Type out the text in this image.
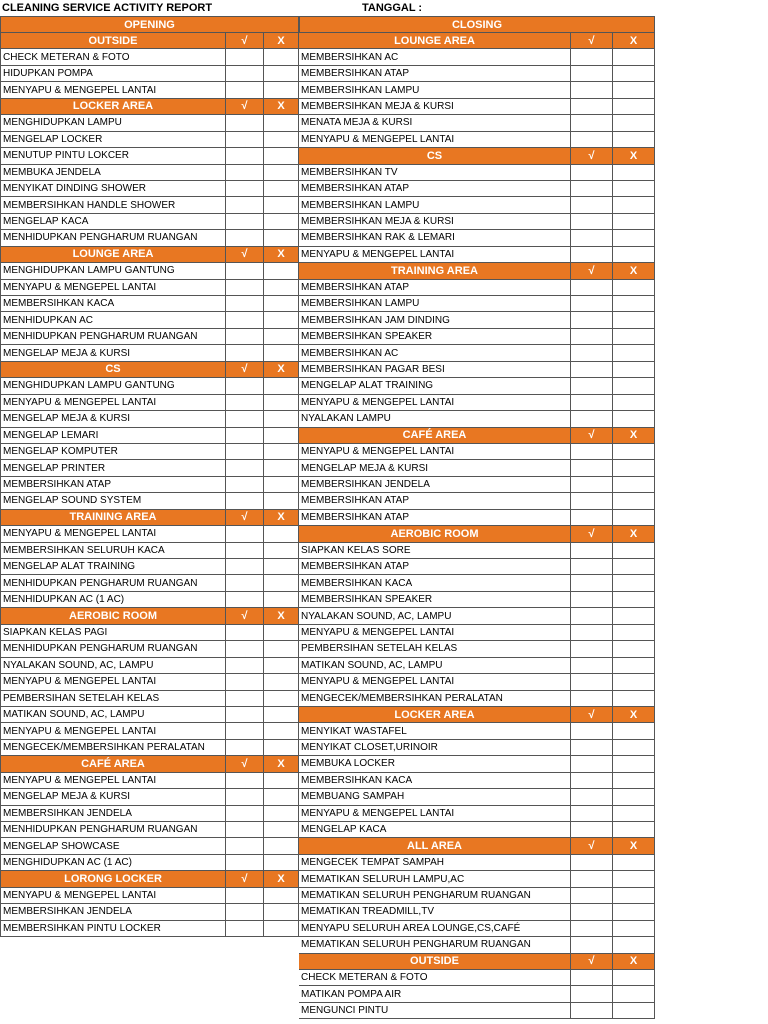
CLEANING SERVICE ACTIVITY REPORT	TANGGAL :
OPENING
OUTSIDE	√	X
CHECK METERAN & FOTO
HIDUPKAN POMPA
MENYAPU & MENGEPEL LANTAI
LOCKER AREA	√	X
MENGHIDUPKAN LAMPU
MENGELAP LOCKER
MENUTUP PINTU LOKCER
MEMBUKA JENDELA
MENYIKAT DINDING SHOWER
MEMBERSIHKAN HANDLE SHOWER
MENGELAP KACA
MENHIDUPKAN PENGHARUM RUANGAN
LOUNGE AREA	√	X
MENGHIDUPKAN LAMPU GANTUNG
MENYAPU & MENGEPEL LANTAI
MEMBERSIHKAN KACA
MENHIDUPKAN AC
MENHIDUPKAN PENGHARUM RUANGAN
MENGELAP MEJA & KURSI
CS	√	X
MENGHIDUPKAN LAMPU GANTUNG
MENYAPU & MENGEPEL LANTAI
MENGELAP MEJA & KURSI
MENGELAP LEMARI
MENGELAP KOMPUTER
MENGELAP PRINTER
MEMBERSIHKAN ATAP
MENGELAP SOUND SYSTEM
TRAINING AREA	√	X
MENYAPU & MENGEPEL LANTAI
MEMBERSIHKAN SELURUH KACA
MENGELAP ALAT TRAINING
MENHIDUPKAN PENGHARUM RUANGAN
MENHIDUPKAN AC (1 AC)
AEROBIC ROOM	√	X
SIAPKAN KELAS PAGI
MENHIDUPKAN PENGHARUM RUANGAN
NYALAKAN SOUND, AC, LAMPU
MENYAPU & MENGEPEL LANTAI
PEMBERSIHAN SETELAH KELAS
MATIKAN SOUND, AC, LAMPU
MENYAPU & MENGEPEL LANTAI
MENGECEK/MEMBERSIHKAN PERALATAN
CAFÉ AREA	√	X
MENYAPU & MENGEPEL LANTAI
MENGELAP MEJA & KURSI
MEMBERSIHKAN JENDELA
MENHIDUPKAN PENGHARUM RUANGAN
MENGELAP SHOWCASE
MENGHIDUPKAN AC (1 AC)
LORONG LOCKER	√	X
MENYAPU & MENGEPEL LANTAI
MEMBERSIHKAN JENDELA
MEMBERSIHKAN PINTU LOCKER
CLOSING
LOUNGE AREA	√	X
MEMBERSIHKAN AC
MEMBERSIHKAN ATAP
MEMBERSIHKAN LAMPU
MEMBERSIHKAN MEJA & KURSI
MENATA MEJA & KURSI
MENYAPU & MENGEPEL LANTAI
CS	√	X
MEMBERSIHKAN TV
MEMBERSIHKAN ATAP
MEMBERSIHKAN LAMPU
MEMBERSIHKAN MEJA & KURSI
MEMBERSIHKAN RAK & LEMARI
MENYAPU & MENGEPEL LANTAI
TRAINING AREA	√	X
MEMBERSIHKAN ATAP
MEMBERSIHKAN LAMPU
MEMBERSIHKAN JAM DINDING
MEMBERSIHKAN SPEAKER
MEMBERSIHKAN AC
MEMBERSIHKAN PAGAR BESI
MENGELAP ALAT TRAINING
MENYAPU & MENGEPEL LANTAI
NYALAKAN LAMPU
CAFÉ AREA	√	X
MENYAPU & MENGEPEL LANTAI
MENGELAP MEJA & KURSI
MEMBERSIHKAN JENDELA
MEMBERSIHKAN ATAP
MEMBERSIHKAN ATAP
AEROBIC ROOM	√	X
SIAPKAN KELAS SORE
MEMBERSIHKAN ATAP
MEMBERSIHKAN KACA
MEMBERSIHKAN SPEAKER
NYALAKAN SOUND, AC, LAMPU
MENYAPU & MENGEPEL LANTAI
PEMBERSIHAN SETELAH KELAS
MATIKAN SOUND, AC, LAMPU
MENYAPU & MENGEPEL LANTAI
MENGECEK/MEMBERSIHKAN PERALATAN
LOCKER AREA	√	X
MENYIKAT WASTAFEL
MENYIKAT CLOSET,URINOIR
MEMBUKA LOCKER
MEMBERSIHKAN KACA
MEMBUANG SAMPAH
MENYAPU & MENGEPEL LANTAI
MENGELAP KACA
ALL AREA	√	X
MENGECEK TEMPAT SAMPAH
MEMATIKAN SELURUH LAMPU,AC
MEMATIKAN SELURUH PENGHARUM RUANGAN
MEMATIKAN TREADMILL,TV
MENYAPU SELURUH AREA LOUNGE,CS,CAFÉ
MEMATIKAN SELURUH PENGHARUM RUANGAN
OUTSIDE	√	X
CHECK METERAN & FOTO
MATIKAN POMPA AIR
MENGUNCI PINTU
